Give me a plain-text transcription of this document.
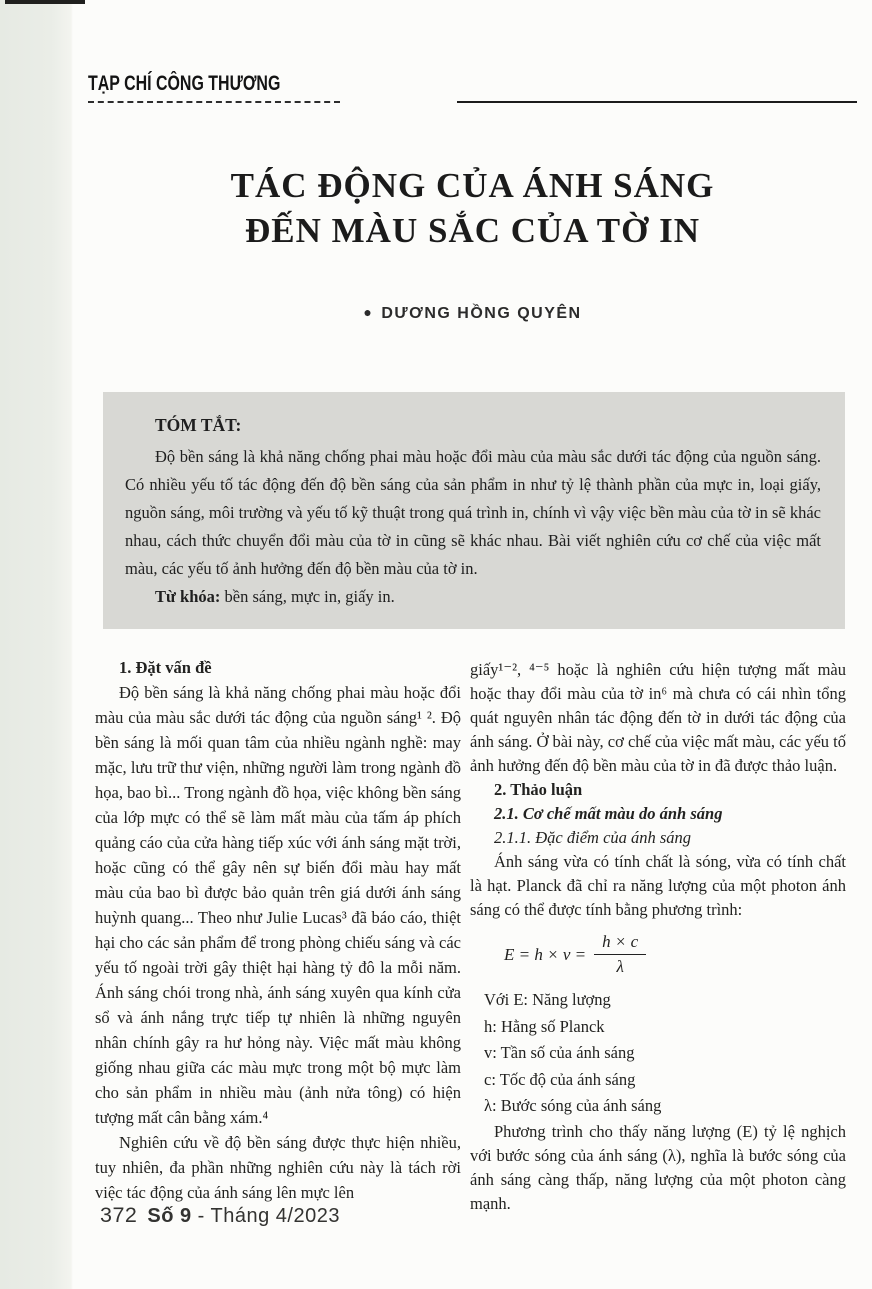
TẠP CHÍ CÔNG THƯƠNG
TÁC ĐỘNG CỦA ÁNH SÁNG
ĐẾN MÀU SẮC CỦA TỜ IN
● DƯƠNG HỒNG QUYÊN
TÓM TẮT:

Độ bền sáng là khả năng chống phai màu hoặc đổi màu của màu sắc dưới tác động của nguồn sáng. Có nhiều yếu tố tác động đến độ bền sáng của sản phẩm in như tỷ lệ thành phần của mực in, loại giấy, nguồn sáng, môi trường và yếu tố kỹ thuật trong quá trình in, chính vì vậy việc bền màu của tờ in sẽ khác nhau, cách thức chuyển đổi màu của tờ in cũng sẽ khác nhau. Bài viết nghiên cứu cơ chế của việc mất màu, các yếu tố ảnh hưởng đến độ bền màu của tờ in.

Từ khóa: bền sáng, mực in, giấy in.

1. Đặt vấn đề

Độ bền sáng là khả năng chống phai màu hoặc đổi màu của màu sắc dưới tác động của nguồn sáng¹ ². Độ bền sáng là mối quan tâm của nhiều ngành nghề: may mặc, lưu trữ thư viện, những người làm trong ngành đồ họa, bao bì... Trong ngành đồ họa, việc không bền sáng của lớp mực có thể sẽ làm mất màu của tấm áp phích quảng cáo của cửa hàng tiếp xúc với ánh sáng mặt trời, hoặc cũng có thể gây nên sự biến đổi màu hay mất màu của bao bì được bảo quản trên giá dưới ánh sáng huỳnh quang... Theo như Julie Lucas³ đã báo cáo, thiệt hại cho các sản phẩm để trong phòng chiếu sáng và các yếu tố ngoài trời gây thiệt hại hàng tỷ đô la mỗi năm. Ánh sáng chói trong nhà, ánh sáng xuyên qua kính cửa sổ và ánh nắng trực tiếp tự nhiên là những nguyên nhân chính gây ra hư hỏng này. Việc mất màu không giống nhau giữa các màu mực trong một bộ mực làm cho sản phẩm in nhiều màu (ảnh nửa tông) có hiện tượng mất cân bằng xám.⁴

Nghiên cứu về độ bền sáng được thực hiện nhiều, tuy nhiên, đa phần những nghiên cứu này là tách rời việc tác động của ánh sáng lên mực lên

giấy¹⁻², ⁴⁻⁵ hoặc là nghiên cứu hiện tượng mất màu hoặc thay đổi màu của tờ in⁶ mà chưa có cái nhìn tổng quát nguyên nhân tác động đến tờ in dưới tác động của ánh sáng. Ở bài này, cơ chế của việc mất màu, các yếu tố ảnh hưởng đến độ bền màu của tờ in đã được thảo luận.

2. Thảo luận
2.1. Cơ chế mất màu do ánh sáng
2.1.1. Đặc điểm của ánh sáng

Ánh sáng vừa có tính chất là sóng, vừa có tính chất là hạt. Planck đã chỉ ra năng lượng của một photon ánh sáng có thể được tính bằng phương trình:

$E = h \times v = \frac{h \times c}{\lambda}$
Với E: Năng lượng
h: Hằng số Planck
v: Tần số của ánh sáng
c: Tốc độ của ánh sáng
λ: Bước sóng của ánh sáng

Phương trình cho thấy năng lượng (E) tỷ lệ nghịch với bước sóng của ánh sáng (λ), nghĩa là bước sóng của ánh sáng càng thấp, năng lượng của một photon càng mạnh.

372 Số 9 - Tháng 4/2023
